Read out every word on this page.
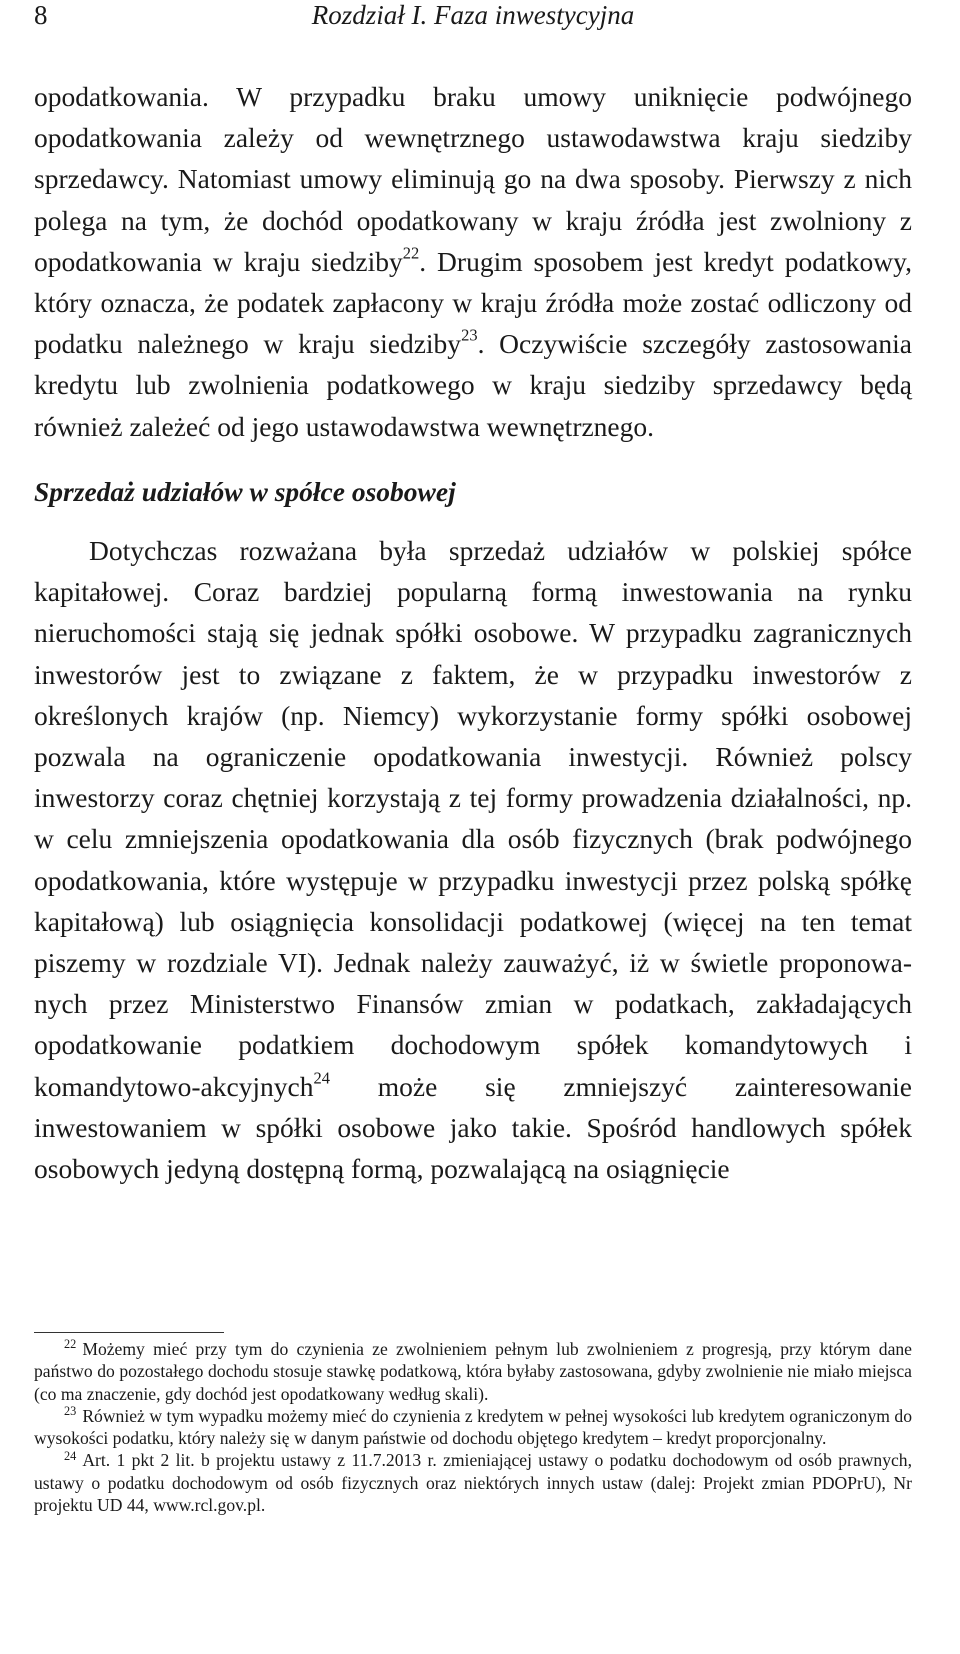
8	Rozdział I. Faza inwestycyjna

opodatkowania. W przypadku braku umowy uniknięcie podwójnego opodatkowania zależy od wewnętrznego ustawodawstwa kraju siedziby sprzedawcy. Natomiast umowy eliminują go na dwa sposoby. Pierwszy z nich polega na tym, że dochód opodatkowany w kraju źródła jest zwolniony z opodatkowania w kraju siedziby$^{22}$. Drugim sposobem jest kredyt podatkowy, który oznacza, że podatek zapłacony w kraju źródła może zostać odliczony od podatku należnego w kraju siedziby$^{23}$. Oczywiście szczegóły zastosowania kredytu lub zwolnienia podatkowego w kraju siedziby sprzedawcy będą również zależeć od jego ustawodawstwa wewnętrznego.

Sprzedaż udziałów w spółce osobowej

Dotychczas rozważana była sprzedaż udziałów w polskiej spółce kapitałowej. Coraz bardziej popularną formą inwestowania na rynku nieruchomości stają się jednak spółki osobowe. W przypadku zagranicznych inwestorów jest to związane z faktem, że w przypadku inwestorów z określonych krajów (np. Niemcy) wykorzystanie formy spółki osobowej pozwala na ograniczenie opodatkowania inwestycji. Również polscy inwestorzy coraz chętniej korzystają z tej formy prowadzenia działalności, np. w celu zmniejszenia opodatkowania dla osób fizycznych (brak podwójnego opodatkowania, które występuje w przypadku inwestycji przez polską spółkę kapitałową) lub osiągnięcia konsolidacji podatkowej (więcej na ten temat piszemy w rozdziale VI). Jednak należy zauważyć, iż w świetle proponowanych przez Ministerstwo Finansów zmian w podatkach, zakładających opodatkowanie podatkiem dochodowym spółek komandytowych i komandytowo-akcyjnych$^{24}$ może się zmniejszyć zainteresowanie inwestowaniem w spółki osobowe jako takie. Spośród handlowych spółek osobowych jedyną dostępną formą, pozwalającą na osiągnięcie

$^{22}$ Możemy mieć przy tym do czynienia ze zwolnieniem pełnym lub zwolnieniem z progresją, przy którym dane państwo do pozostałego dochodu stosuje stawkę podatkową, która byłaby zastosowana, gdyby zwolnienie nie miało miejsca (co ma znaczenie, gdy dochód jest opodatkowany według skali).

$^{23}$ Również w tym wypadku możemy mieć do czynienia z kredytem w pełnej wysokości lub kredytem ograniczonym do wysokości podatku, który należy się w danym państwie od dochodu objętego kredytem – kredyt proporcjonalny.

$^{24}$ Art. 1 pkt 2 lit. b projektu ustawy z 11.7.2013 r. zmieniającej ustawy o podatku dochodowym od osób prawnych, ustawy o podatku dochodowym od osób fizycznych oraz niektórych innych ustaw (dalej: Projekt zmian PDOPrU), Nr projektu UD 44, www.rcl.gov.pl.
